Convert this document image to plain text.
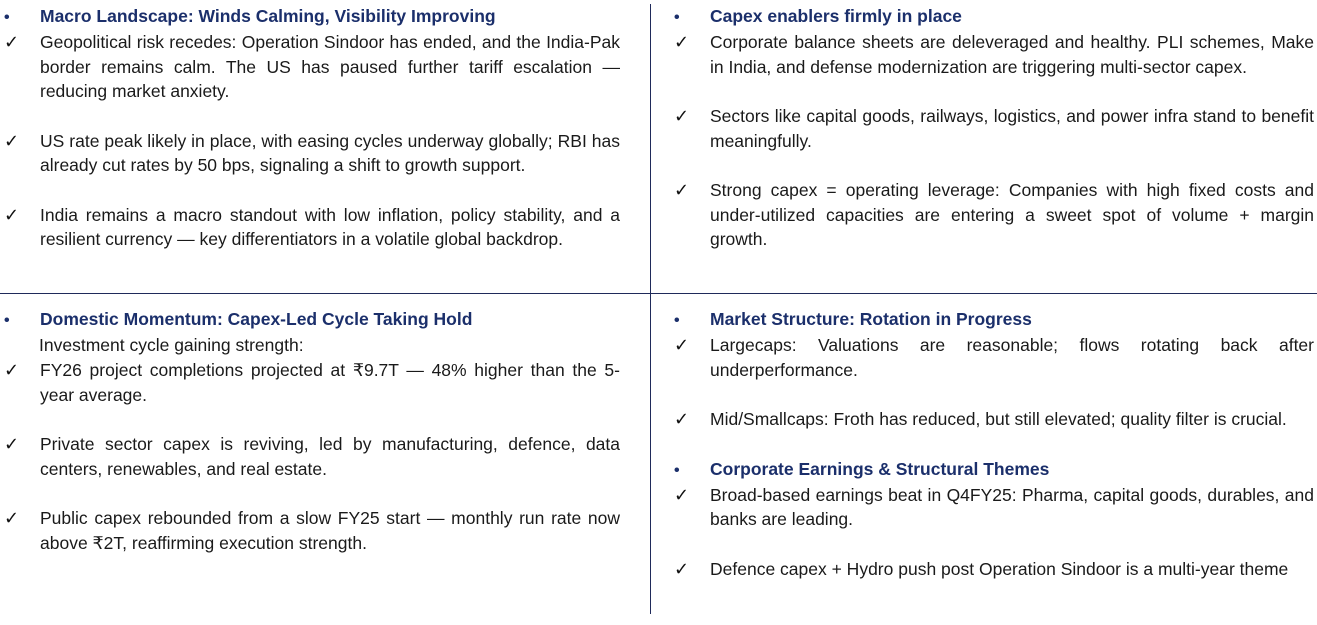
•	Macro Landscape: Winds Calming, Visibility Improving
✓	Geopolitical risk recedes: Operation Sindoor has ended, and the India-Pak border remains calm. The US has paused further tariff escalation — reducing market anxiety.
✓	US rate peak likely in place, with easing cycles underway globally; RBI has already cut rates by 50 bps, signaling a shift to growth support.
✓	India remains a macro standout with low inflation, policy stability, and a resilient currency — key differentiators in a volatile global backdrop.
•	Capex enablers firmly in place
✓	Corporate balance sheets are deleveraged and healthy. PLI schemes, Make in India, and defense modernization are triggering multi-sector capex.
✓	Sectors like capital goods, railways, logistics, and power infra stand to benefit meaningfully.
✓	Strong capex = operating leverage: Companies with high fixed costs and under-utilized capacities are entering a sweet spot of volume + margin growth.
•	Domestic Momentum: Capex-Led Cycle Taking Hold
Investment cycle gaining strength:
✓	FY26 project completions projected at ₹9.7T — 48% higher than the 5-year average.
✓	Private sector capex is reviving, led by manufacturing, defence, data centers, renewables, and real estate.
✓	Public capex rebounded from a slow FY25 start — monthly run rate now above ₹2T, reaffirming execution strength.
•	Market Structure: Rotation in Progress
✓	Largecaps: Valuations are reasonable; flows rotating back after underperformance.
✓	Mid/Smallcaps: Froth has reduced, but still elevated; quality filter is crucial.
•	Corporate Earnings & Structural Themes
✓	Broad-based earnings beat in Q4FY25: Pharma, capital goods, durables, and banks are leading.
✓	Defence capex + Hydro push post Operation Sindoor is a multi-year theme
